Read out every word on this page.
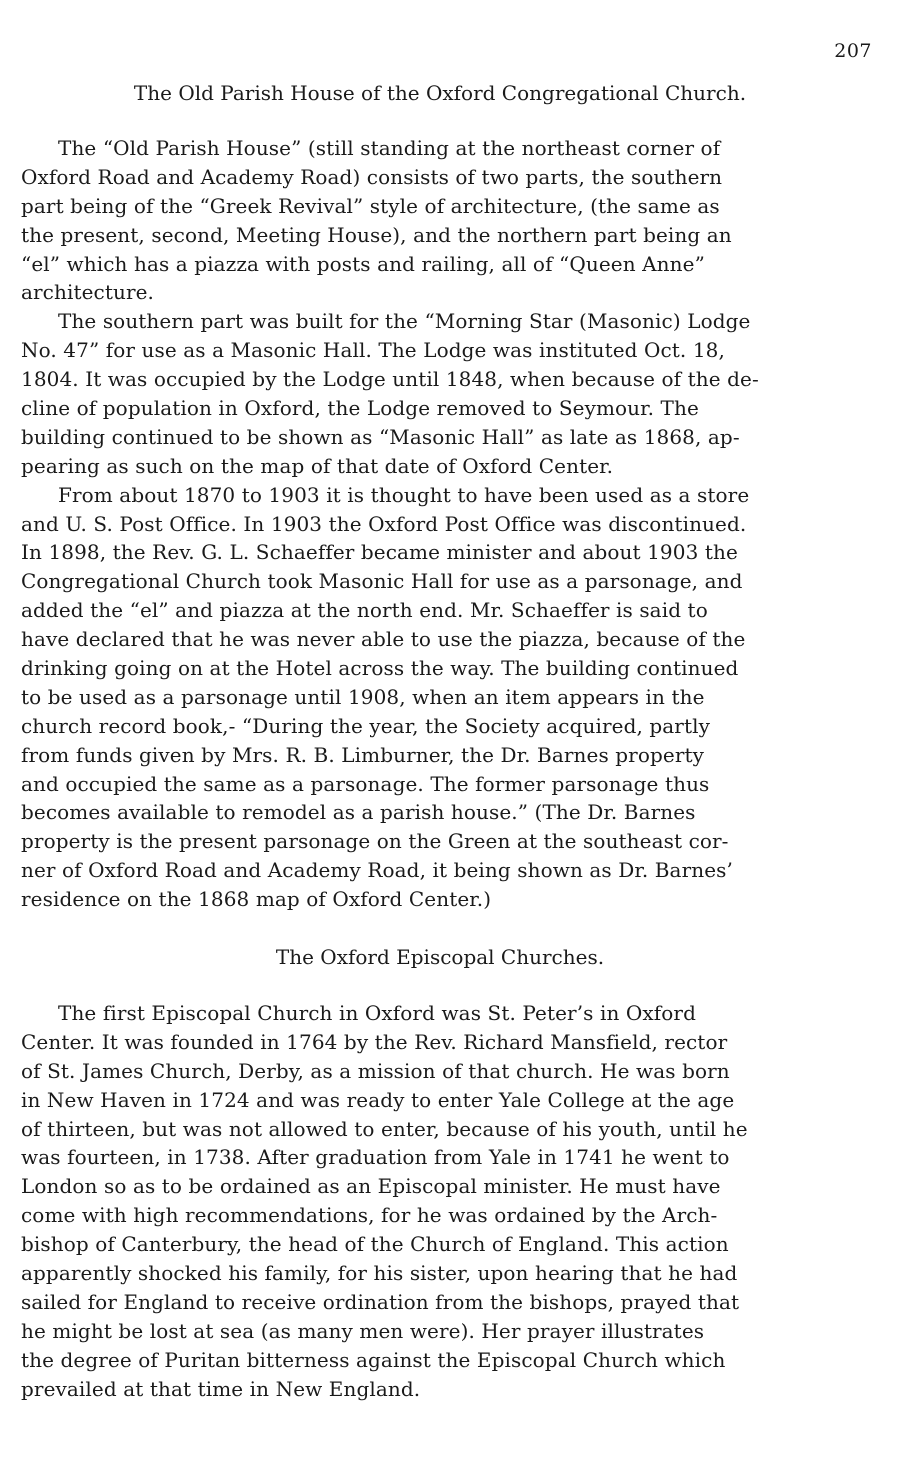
207
The Old Parish House of the Oxford Congregational Church.
The “Old Parish House” (still standing at the northeast corner of
Oxford Road and Academy Road) consists of two parts, the southern
part being of the “Greek Revival” style of architecture, (the same as
the present, second, Meeting House), and the northern part being an
“el” which has a piazza with posts and railing, all of “Queen Anne”
architecture.
The southern part was built for the “Morning Star (Masonic) Lodge
No. 47” for use as a Masonic Hall. The Lodge was instituted Oct. 18,
1804. It was occupied by the Lodge until 1848, when because of the de-
cline of population in Oxford, the Lodge removed to Seymour. The
building continued to be shown as “Masonic Hall” as late as 1868, ap-
pearing as such on the map of that date of Oxford Center.
From about 1870 to 1903 it is thought to have been used as a store
and U. S. Post Office. In 1903 the Oxford Post Office was discontinued.
In 1898, the Rev. G. L. Schaeffer became minister and about 1903 the
Congregational Church took Masonic Hall for use as a parsonage, and
added the “el” and piazza at the north end. Mr. Schaeffer is said to
have declared that he was never able to use the piazza, because of the
drinking going on at the Hotel across the way. The building continued
to be used as a parsonage until 1908, when an item appears in the
church record book,- “During the year, the Society acquired, partly
from funds given by Mrs. R. B. Limburner, the Dr. Barnes property
and occupied the same as a parsonage. The former parsonage thus
becomes available to remodel as a parish house.” (The Dr. Barnes
property is the present parsonage on the Green at the southeast cor-
ner of Oxford Road and Academy Road, it being shown as Dr. Barnes’
residence on the 1868 map of Oxford Center.)
The Oxford Episcopal Churches.
The first Episcopal Church in Oxford was St. Peter’s in Oxford
Center. It was founded in 1764 by the Rev. Richard Mansfield, rector
of St. James Church, Derby, as a mission of that church. He was born
in New Haven in 1724 and was ready to enter Yale College at the age
of thirteen, but was not allowed to enter, because of his youth, until he
was fourteen, in 1738. After graduation from Yale in 1741 he went to
London so as to be ordained as an Episcopal minister. He must have
come with high recommendations, for he was ordained by the Arch-
bishop of Canterbury, the head of the Church of England. This action
apparently shocked his family, for his sister, upon hearing that he had
sailed for England to receive ordination from the bishops, prayed that
he might be lost at sea (as many men were). Her prayer illustrates
the degree of Puritan bitterness against the Episcopal Church which
prevailed at that time in New England.
